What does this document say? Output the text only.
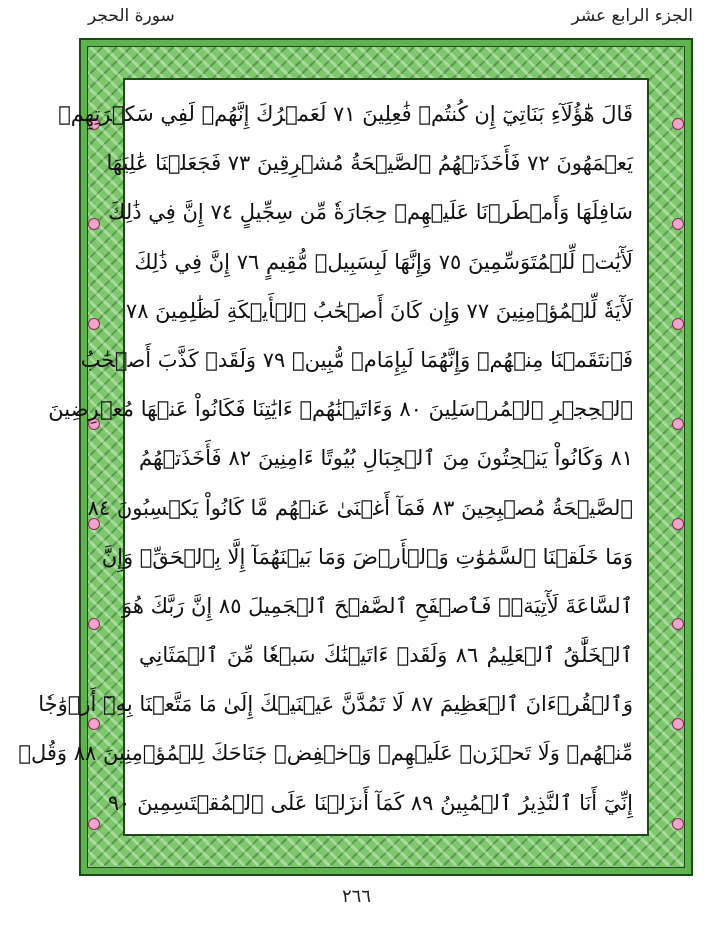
سورة الحجر	الجزء الرابع عشر
قَالَ هَٰٓؤُلَآءِ بَنَاتِيٓ إِن كُنتُمۡ فَٰعِلِينَ ٧١ لَعَمۡرُكَ إِنَّهُمۡ لَفِي سَكۡرَتِهِمۡ
يَعۡمَهُونَ ٧٢ فَأَخَذَتۡهُمُ ٱلصَّيۡحَةُ مُشۡرِقِينَ ٧٣ فَجَعَلۡنَا عَٰلِيَهَا
سَافِلَهَا وَأَمۡطَرۡنَا عَلَيۡهِمۡ حِجَارَةٗ مِّن سِجِّيلٍ ٧٤ إِنَّ فِي ذَٰلِكَ
لَأٓيَٰتٖ لِّلۡمُتَوَسِّمِينَ ٧٥ وَإِنَّهَا لَبِسَبِيلٖ مُّقِيمٍ ٧٦ إِنَّ فِي ذَٰلِكَ
لَأٓيَةٗ لِّلۡمُؤۡمِنِينَ ٧٧ وَإِن كَانَ أَصۡحَٰبُ ٱلۡأَيۡكَةِ لَظَٰلِمِينَ ٧٨
فَٱنتَقَمۡنَا مِنۡهُمۡ وَإِنَّهُمَا لَبِإِمَامٖ مُّبِينٖ ٧٩ وَلَقَدۡ كَذَّبَ أَصۡحَٰبُ
ٱلۡحِجۡرِ ٱلۡمُرۡسَلِينَ ٨٠ وَءَاتَيۡنَٰهُمۡ ءَايَٰتِنَا فَكَانُواْ عَنۡهَا مُعۡرِضِينَ
٨١ وَكَانُواْ يَنۡحِتُونَ مِنَ ٱلۡجِبَالِ بُيُوتًا ءَامِنِينَ ٨٢ فَأَخَذَتۡهُمُ
ٱلصَّيۡحَةُ مُصۡبِحِينَ ٨٣ فَمَآ أَغۡنَىٰ عَنۡهُم مَّا كَانُواْ يَكۡسِبُونَ ٨٤
وَمَا خَلَقۡنَا ٱلسَّمَٰوَٰتِ وَٱلۡأَرۡضَ وَمَا بَيۡنَهُمَآ إِلَّا بِٱلۡحَقِّۗ وَإِنَّ
ٱلسَّاعَةَ لَأٓتِيَةٞۖ فَٱصۡفَحِ ٱلصَّفۡحَ ٱلۡجَمِيلَ ٨٥ إِنَّ رَبَّكَ هُوَ
ٱلۡخَلَّٰقُ ٱلۡعَلِيمُ ٨٦ وَلَقَدۡ ءَاتَيۡنَٰكَ سَبۡعٗا مِّنَ ٱلۡمَثَانِي
وَٱلۡقُرۡءَانَ ٱلۡعَظِيمَ ٨٧ لَا تَمُدَّنَّ عَيۡنَيۡكَ إِلَىٰ مَا مَتَّعۡنَا بِهِۦٓ أَزۡوَٰجٗا
مِّنۡهُمۡ وَلَا تَحۡزَنۡ عَلَيۡهِمۡ وَٱخۡفِضۡ جَنَاحَكَ لِلۡمُؤۡمِنِينَ ٨٨ وَقُلۡ
إِنِّيٓ أَنَا ٱلنَّذِيرُ ٱلۡمُبِينُ ٨٩ كَمَآ أَنزَلۡنَا عَلَى ٱلۡمُقۡتَسِمِينَ ٩٠
٢٦٦
